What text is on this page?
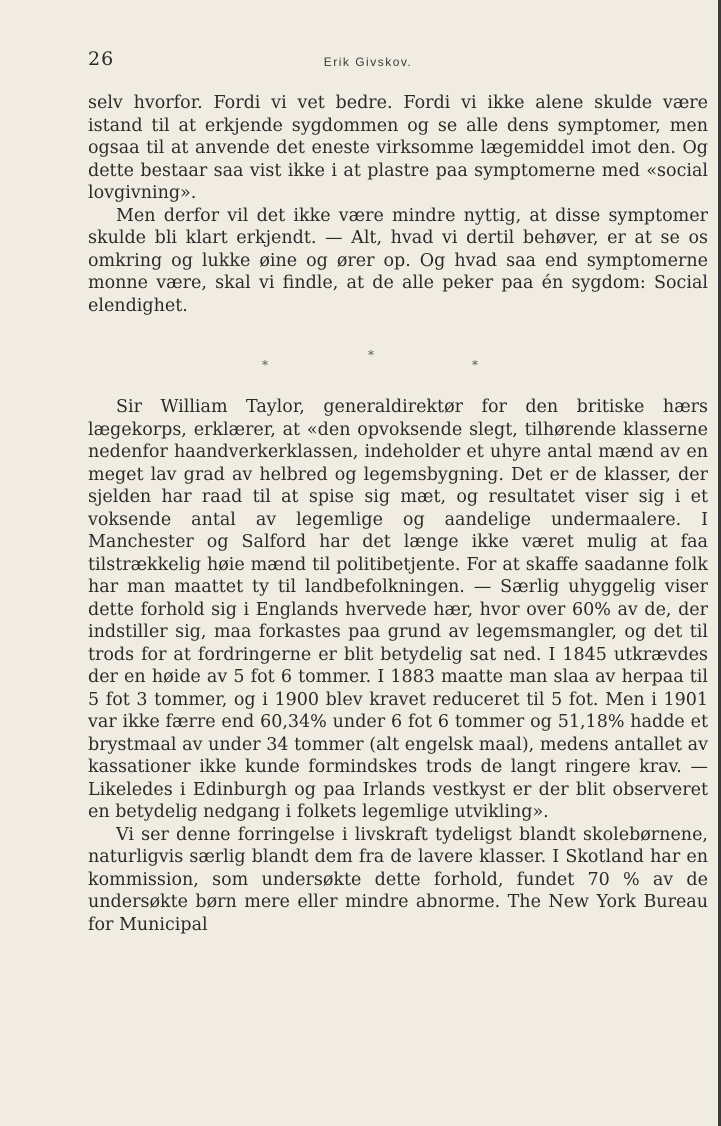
26	Erik Givskov.

selv hvorfor. Fordi vi vet bedre. Fordi vi ikke alene skulde være istand til at erkjende sygdommen og se alle dens symptomer, men ogsaa til at anvende det eneste virksomme lægemiddel imot den. Og dette bestaar saa vist ikke i at plastre paa symptomerne med «social lovgivning».

Men derfor vil det ikke være mindre nyttig, at disse symptomer skulde bli klart erkjendt. — Alt, hvad vi dertil behøver, er at se os omkring og lukke øine og ører op. Og hvad saa end symptomerne monne være, skal vi findle, at de alle peker paa én sygdom: Social elendighet.

*
*
*

Sir William Taylor, generaldirektør for den britiske hærs lægekorps, erklærer, at «den opvoksende slegt, tilhørende klasserne nedenfor haandverkerklassen, indeholder et uhyre antal mænd av en meget lav grad av helbred og legemsbygning. Det er de klasser, der sjelden har raad til at spise sig mæt, og resultatet viser sig i et voksende antal av legemlige og aandelige undermaalere. I Manchester og Salford har det længe ikke været mulig at faa tilstrækkelig høie mænd til politibetjente. For at skaffe saadanne folk har man maattet ty til landbefolkningen. — Særlig uhyggelig viser dette forhold sig i Englands hvervede hær, hvor over 60% av de, der indstiller sig, maa forkastes paa grund av legemsmangler, og det til trods for at fordringerne er blit betydelig sat ned. I 1845 utkrævdes der en høide av 5 fot 6 tommer. I 1883 maatte man slaa av herpaa til 5 fot 3 tommer, og i 1900 blev kravet reduceret til 5 fot. Men i 1901 var ikke færre end 60,34% under 6 fot 6 tommer og 51,18% hadde et brystmaal av under 34 tommer (alt engelsk maal), medens antallet av kassationer ikke kunde formindskes trods de langt ringere krav. — Likeledes i Edinburgh og paa Irlands vestkyst er der blit observeret en betydelig nedgang i folkets legemlige utvikling».

Vi ser denne forringelse i livskraft tydeligst blandt skolebørnene, naturligvis særlig blandt dem fra de lavere klasser. I Skotland har en kommission, som undersøkte dette forhold, fundet 70 % av de undersøkte børn mere eller mindre abnorme. The New York Bureau for Municipal
